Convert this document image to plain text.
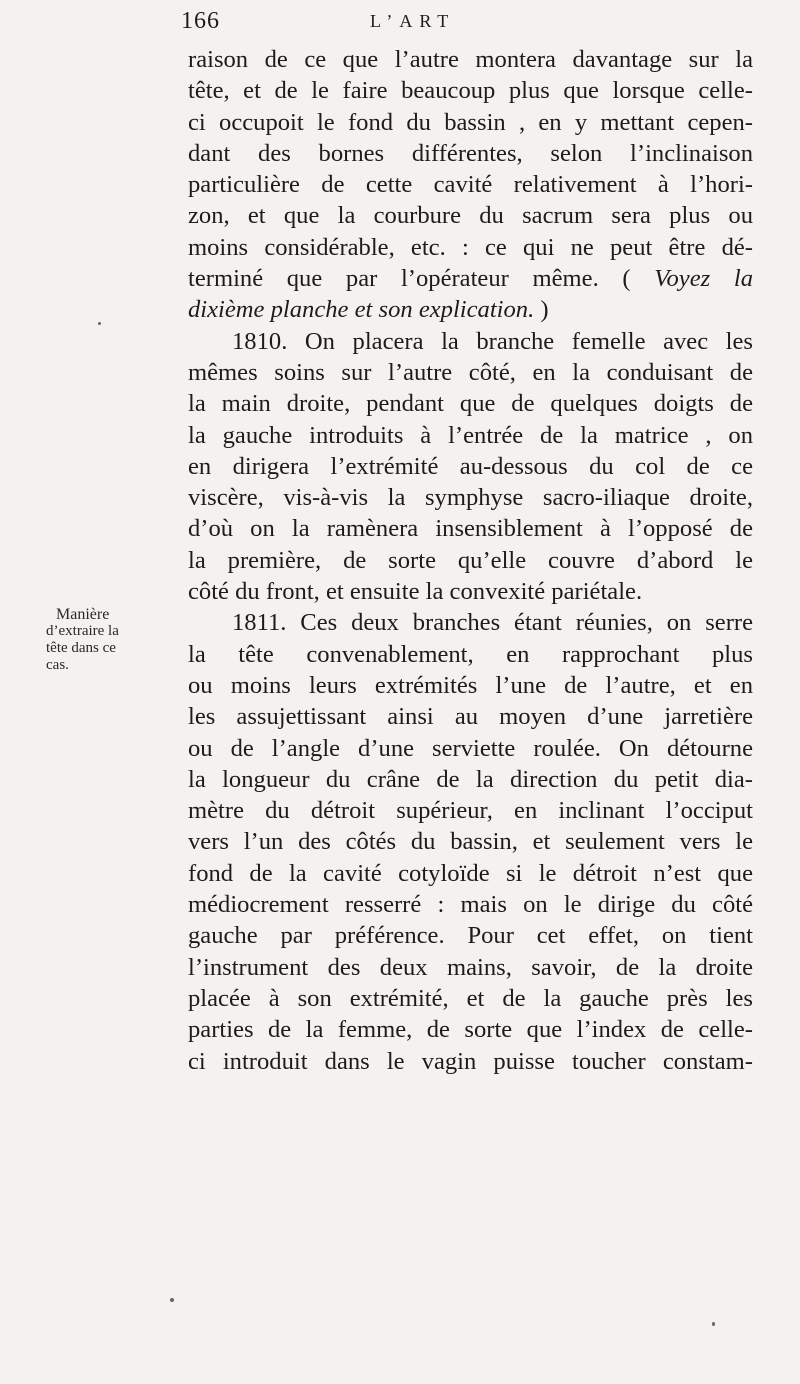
166	L’ART
Manière
d’extraire la
tête dans ce
cas.
raison de ce que l’autre montera davantage sur la
tête, et de le faire beaucoup plus que lorsque celle-
ci occupoit le fond du bassin , en y mettant cepen-
dant des bornes différentes, selon l’inclinaison
particulière de cette cavité relativement à l’hori-
zon, et que la courbure du sacrum sera plus ou
moins considérable, etc. : ce qui ne peut être dé-
terminé que par l’opérateur même. ( Voyez la
dixième planche et son explication. )
1810. On placera la branche femelle avec les
mêmes soins sur l’autre côté, en la conduisant de
la main droite, pendant que de quelques doigts de
la gauche introduits à l’entrée de la matrice , on
en dirigera l’extrémité au-dessous du col de ce
viscère, vis-à-vis la symphyse sacro-iliaque droite,
d’où on la ramènera insensiblement à l’opposé de
la première, de sorte qu’elle couvre d’abord le
côté du front, et ensuite la convexité pariétale.
1811. Ces deux branches étant réunies, on serre
la tête convenablement, en rapprochant plus
ou moins leurs extrémités l’une de l’autre, et en
les assujettissant ainsi au moyen d’une jarretière
ou de l’angle d’une serviette roulée. On détourne
la longueur du crâne de la direction du petit dia-
mètre du détroit supérieur, en inclinant l’occiput
vers l’un des côtés du bassin, et seulement vers le
fond de la cavité cotyloïde si le détroit n’est que
médiocrement resserré : mais on le dirige du côté
gauche par préférence. Pour cet effet, on tient
l’instrument des deux mains, savoir, de la droite
placée à son extrémité, et de la gauche près les
parties de la femme, de sorte que l’index de celle-
ci introduit dans le vagin puisse toucher constam-
